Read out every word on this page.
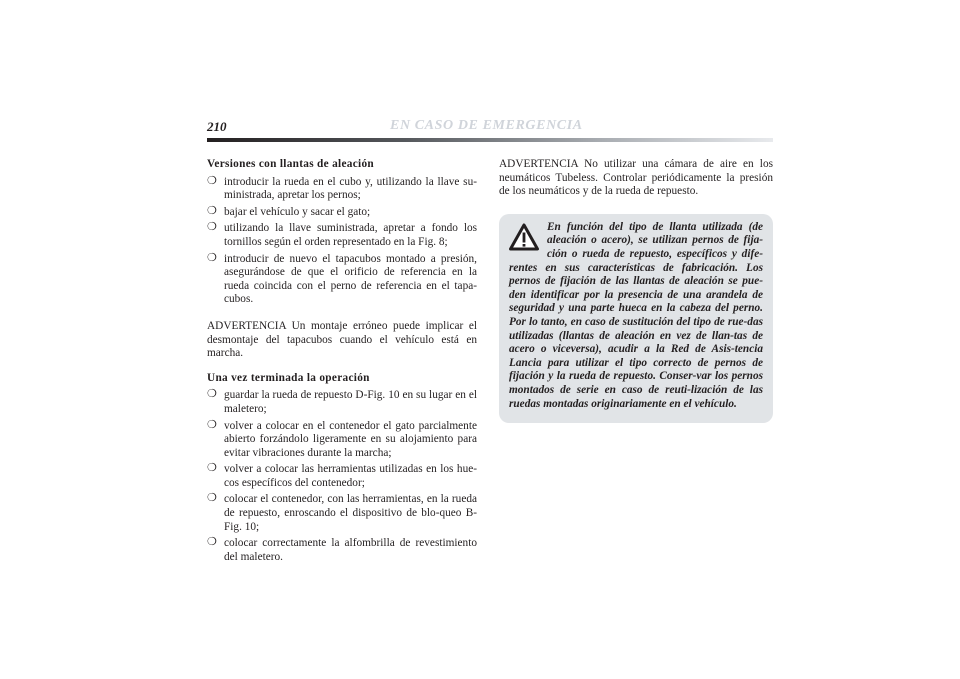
210	EN CASO DE EMERGENCIA

Versiones con llantas de aleación

❍ introducir la rueda en el cubo y, utilizando la llave su-ministrada, apretar los pernos;

❍ bajar el vehículo y sacar el gato;

❍ utilizando la llave suministrada, apretar a fondo los tornillos según el orden representado en la Fig. 8;

❍ introducir de nuevo el tapacubos montado a presión, asegurándose de que el orificio de referencia en la rueda coincida con el perno de referencia en el tapa-cubos.

ADVERTENCIA Un montaje erróneo puede implicar el desmontaje del tapacubos cuando el vehículo está en marcha.

Una vez terminada la operación

❍ guardar la rueda de repuesto D-Fig. 10 en su lugar en el maletero;

❍ volver a colocar en el contenedor el gato parcialmente abierto forzándolo ligeramente en su alojamiento para evitar vibraciones durante la marcha;

❍ volver a colocar las herramientas utilizadas en los hue-cos específicos del contenedor;

❍ colocar el contenedor, con las herramientas, en la rueda de repuesto, enroscando el dispositivo de blo-queo B-Fig. 10;

❍ colocar correctamente la alfombrilla de revestimiento del maletero.

ADVERTENCIA No utilizar una cámara de aire en los neumáticos Tubeless. Controlar periódicamente la presión de los neumáticos y de la rueda de repuesto.

En función del tipo de llanta utilizada (de aleación o acero), se utilizan pernos de fija-ción o rueda de repuesto, específicos y dife-rentes en sus características de fabricación. Los pernos de fijación de las llantas de aleación se pue-den identificar por la presencia de una arandela de seguridad y una parte hueca en la cabeza del perno. Por lo tanto, en caso de sustitución del tipo de rue-das utilizadas (llantas de aleación en vez de llan-tas de acero o viceversa), acudir a la Red de Asis-tencia Lancia para utilizar el tipo correcto de pernos de fijación y la rueda de repuesto. Conser-var los pernos montados de serie en caso de reuti-lización de las ruedas montadas originariamente en el vehículo.
